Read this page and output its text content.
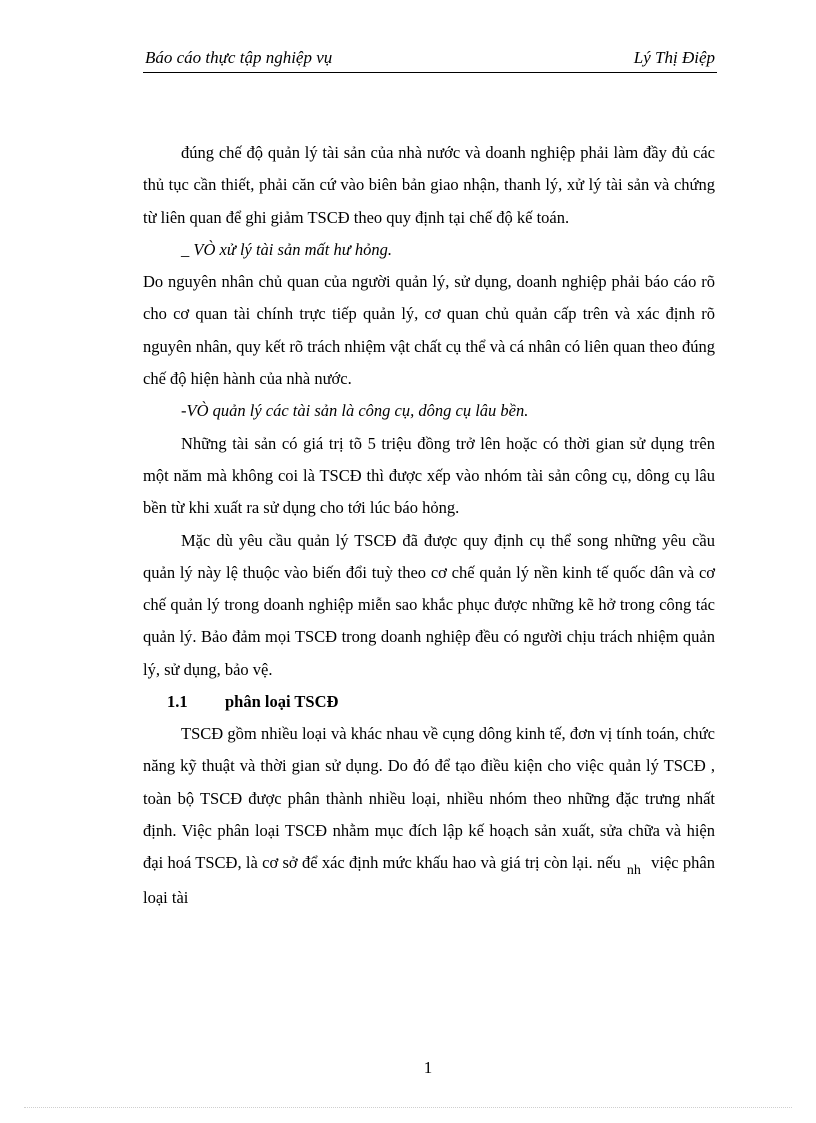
Báo cáo thực tập nghiệp vụ	Lý Thị Điệp

đúng chế độ quản lý tài sản của nhà nước và doanh nghiệp phải làm đầy đủ các thủ tục cần thiết, phải căn cứ vào biên bản giao nhận, thanh lý, xử lý tài sản và chứng từ liên quan để ghi giảm TSCĐ theo quy định tại chế độ kế toán.

_ VÒ xử lý tài sản mất hư hỏng.

Do nguyên nhân chủ quan của người quản lý, sử dụng, doanh nghiệp phải báo cáo rõ cho cơ quan tài chính trực tiếp quản lý, cơ quan chủ quản cấp trên và xác định rõ nguyên nhân, quy kết rõ trách nhiệm vật chất cụ thể và cá nhân có liên quan theo đúng chế độ hiện hành của nhà nước.

-VÒ quản lý các tài sản là công cụ, dông cụ lâu bền.

Những tài sản có giá trị tõ 5 triệu đồng trở lên hoặc có thời gian sử dụng trên một năm mà không coi là TSCĐ thì được xếp vào nhóm tài sản công cụ, dông cụ lâu bền từ khi xuất ra sử dụng cho tới lúc báo hỏng.

Mặc dù yêu cầu quản lý TSCĐ đã được quy định cụ thể song những yêu cầu quản lý này lệ thuộc vào biến đổi tuỳ theo cơ chế quản lý nền kinh tế quốc dân và cơ chế quản lý trong doanh nghiệp miễn sao khắc phục được những kẽ hở trong công tác quản lý. Bảo đảm mọi TSCĐ trong doanh nghiệp đều có người chịu trách nhiệm quản lý, sử dụng, bảo vệ.

1.1 phân loại TSCĐ

TSCĐ gồm nhiều loại và khác nhau về cụng dông kinh tế, đơn vị tính toán, chức năng kỹ thuật và thời gian sử dụng. Do đó để tạo điều kiện cho việc quản lý TSCĐ , toàn bộ TSCĐ được phân thành nhiều loại, nhiều nhóm theo những đặc trưng nhất định. Việc phân loại TSCĐ nhằm mục đích lập kế hoạch sản xuất, sửa chữa và hiện đại hoá TSCĐ, là cơ sở để xác định mức khấu hao và giá trị còn lại. nếu $_{nh}$ việc phân loại tài

1
